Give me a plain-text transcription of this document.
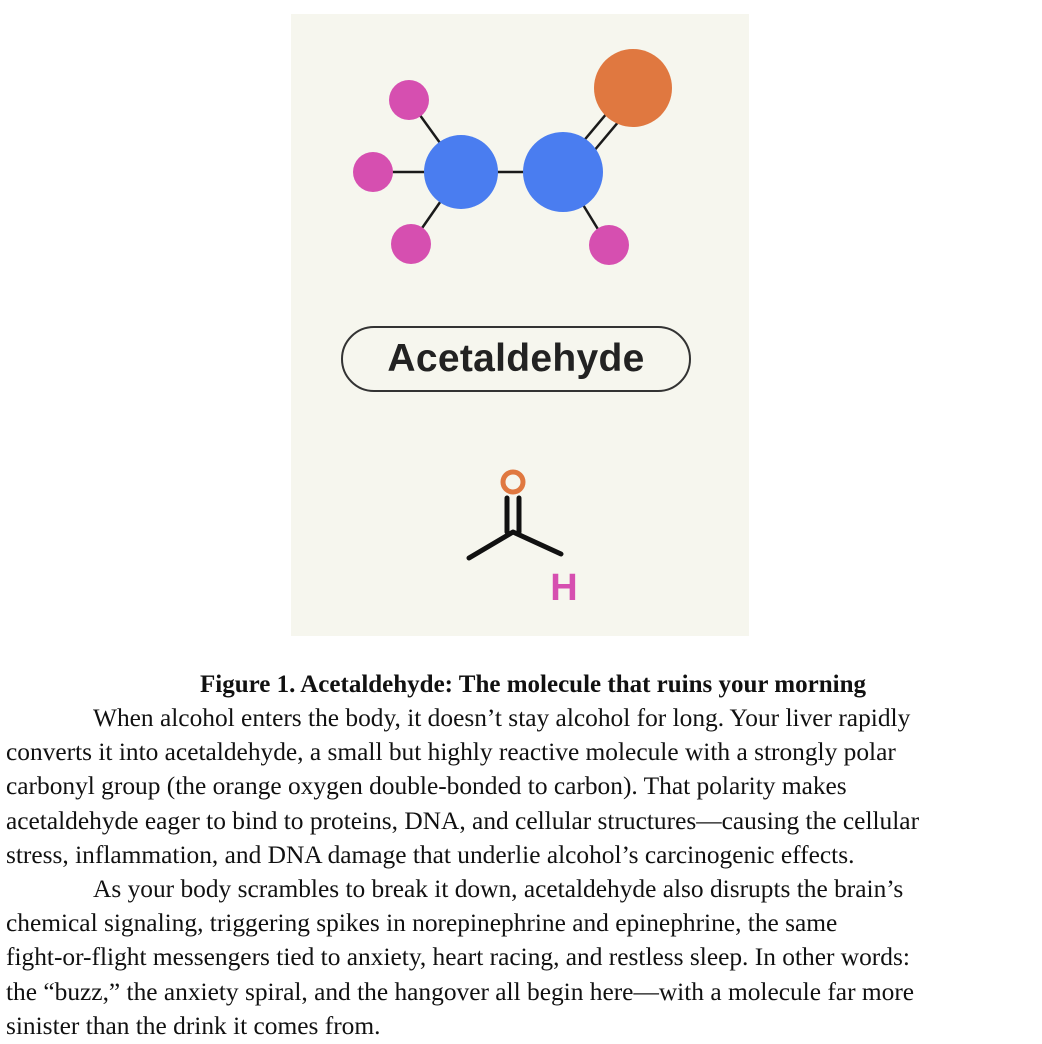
H
Acetaldehyde
Figure 1. Acetaldehyde: The molecule that ruins your morning
When alcohol enters the body, it doesn’t stay alcohol for long. Your liver rapidly
converts it into acetaldehyde, a small but highly reactive molecule with a strongly polar
carbonyl group (the orange oxygen double-bonded to carbon). That polarity makes
acetaldehyde eager to bind to proteins, DNA, and cellular structures—causing the cellular
stress, inflammation, and DNA damage that underlie alcohol’s carcinogenic effects.
As your body scrambles to break it down, acetaldehyde also disrupts the brain’s
chemical signaling, triggering spikes in norepinephrine and epinephrine, the same
fight-or-flight messengers tied to anxiety, heart racing, and restless sleep. In other words:
the “buzz,” the anxiety spiral, and the hangover all begin here—with a molecule far more
sinister than the drink it comes from.
